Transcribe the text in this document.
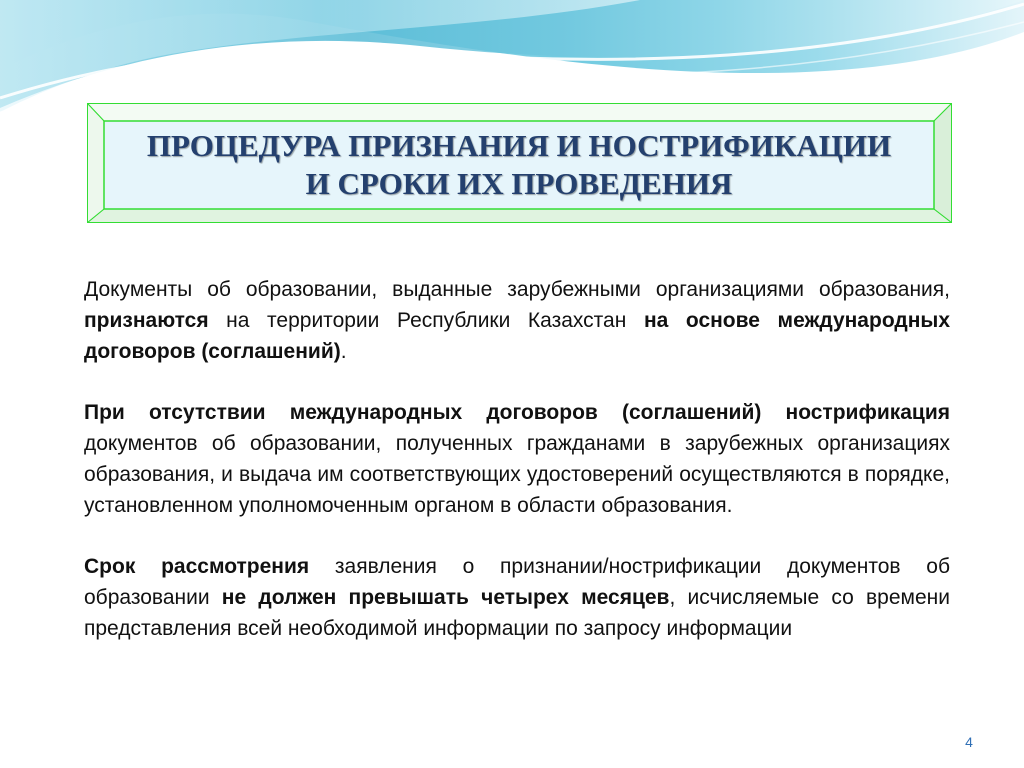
ПРОЦЕДУРА ПРИЗНАНИЯ И НОСТРИФИКАЦИИ
И СРОКИ ИХ ПРОВЕДЕНИЯ

Документы об образовании, выданные зарубежными организациями образования, признаются на территории Республики Казахстан на основе международных договоров (соглашений).

При отсутствии международных договоров (соглашений) нострификация документов об образовании, полученных гражданами в зарубежных организациях образования, и выдача им соответствующих удостоверений осуществляются в порядке, установленном уполномоченным органом в области образования.

Срок рассмотрения заявления о признании/нострификации документов об образовании не должен превышать четырех месяцев, исчисляемые со времени представления всей необходимой информации по запросу информации

4
